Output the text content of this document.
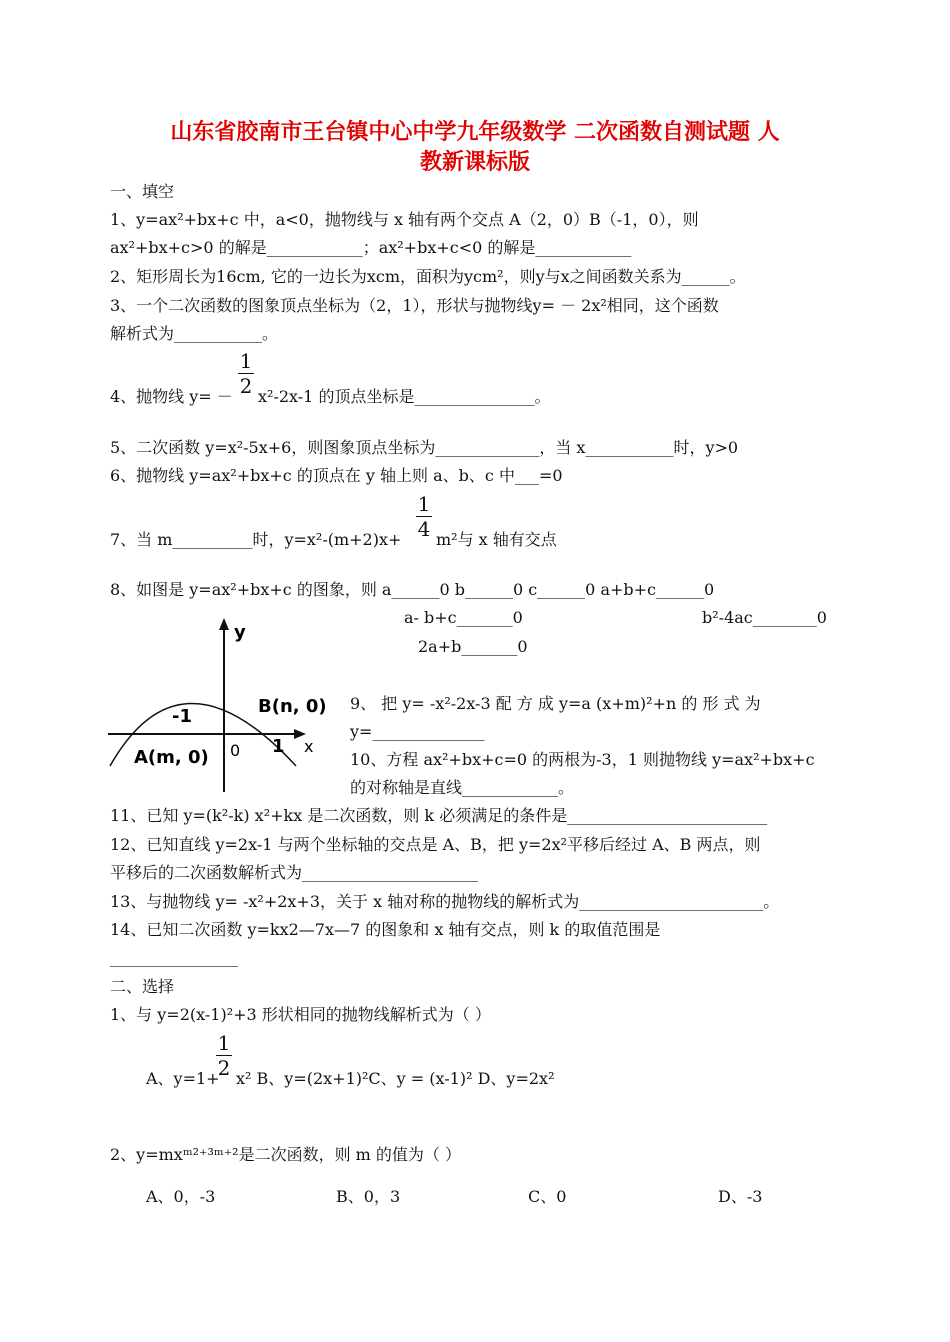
山东省胶南市王台镇中心中学九年级数学 二次函数自测试题 人
教新课标版
一、填空
1、y=ax²+bx+c 中，a<0，抛物线与 x 轴有两个交点 A（2，0）B（-1，0），则
ax²+bx+c>0 的解是____________；ax²+bx+c<0 的解是____________
2、矩形周长为16cm, 它的一边长为xcm，面积为ycm²，则y与x之间函数关系为______。
3、一个二次函数的图象顶点坐标为（2，1），形状与抛物线y= － 2x²相同，这个函数
解析式为___________。
1
2
4、抛物线 y= － x²-2x-1 的顶点坐标是_______________。
5、二次函数 y=x²-5x+6，则图象顶点坐标为_____________，当 x___________时，y>0
6、抛物线 y=ax²+bx+c 的顶点在 y 轴上则 a、b、c 中___=0
1
4
7、当 m__________时，y=x²-(m+2)x+ m²与 x 轴有交点
8、如图是 y=ax²+bx+c 的图象，则 a______0 b______0 c______0 a+b+c______0
a- b+c_______0	b²-4ac________0
2a+b_______0
y
x
-1	B(n, 0)
A(m, 0) 0 1
9、 把 y= -x²-2x-3 配 方 成 y=a (x+m)²+n 的 形 式 为
y=______________
10、方程 ax²+bx+c=0 的两根为-3，1 则抛物线 y=ax²+bx+c
的对称轴是直线____________。
11、已知 y=(k²-k) x²+kx 是二次函数，则 k 必须满足的条件是_________________________
12、已知直线 y=2x-1 与两个坐标轴的交点是 A、B，把 y=2x²平移后经过 A、B 两点，则
平移后的二次函数解析式为______________________
13、与抛物线 y= -x²+2x+3，关于 x 轴对称的抛物线的解析式为_______________________。
14、已知二次函数 y=kx2—7x—7 的图象和 x 轴有交点，则 k 的取值范围是
________________
二、选择
1、与 y=2(x-1)²+3 形状相同的抛物线解析式为（ ）
1
2
A、y=1+ x² B、y=(2x+1)²C、y = (x-1)² D、y=2x²
2、y=mxᵐ²⁺³ᵐ⁺²是二次函数，则 m 的值为（ ）
A、0，-3	B、0，3	C、0	D、-3
